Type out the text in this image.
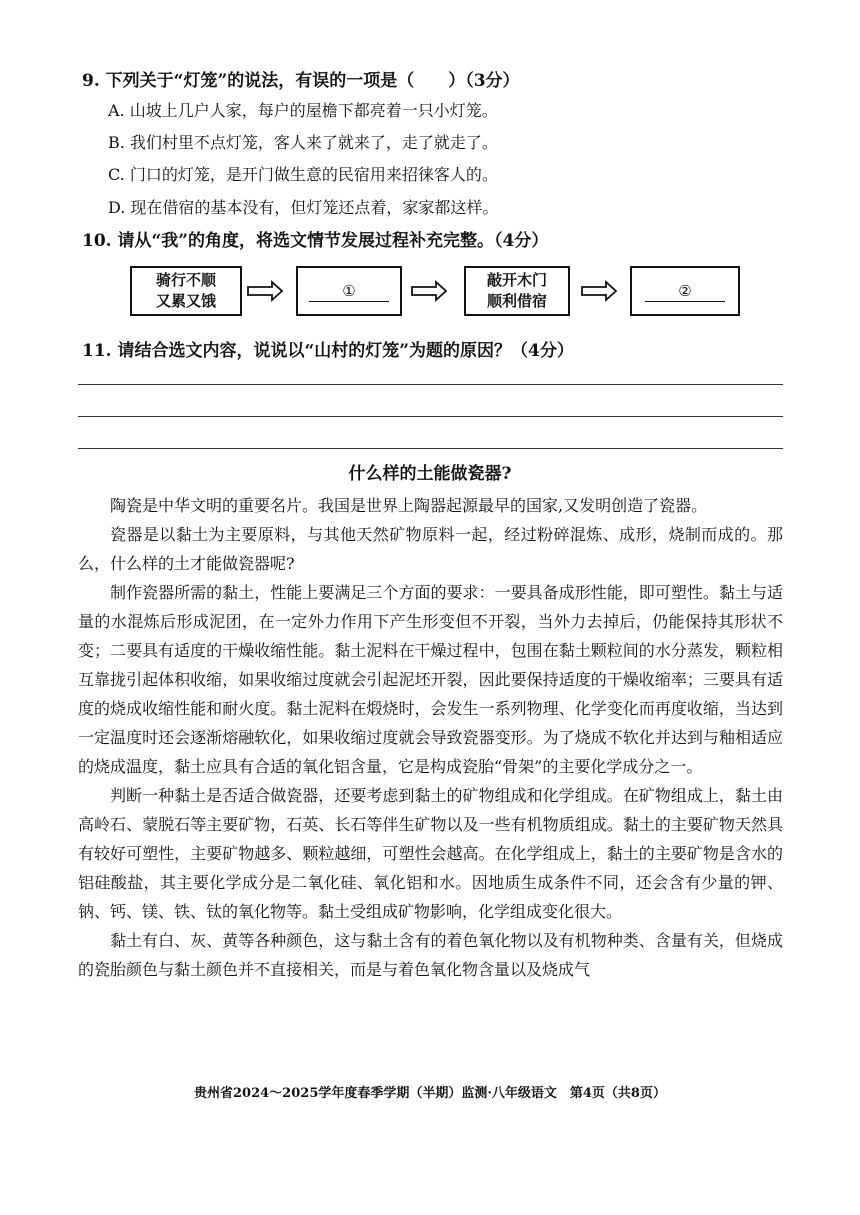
9. 下列关于“灯笼”的说法，有误的一项是（　　）（3分）
A. 山坡上几户人家，每户的屋檐下都亮着一只小灯笼。
B. 我们村里不点灯笼，客人来了就来了，走了就走了。
C. 门口的灯笼，是开门做生意的民宿用来招徕客人的。
D. 现在借宿的基本没有，但灯笼还点着，家家都这样。
10. 请从“我”的角度，将选文情节发展过程补充完整。（4分）
骑行不顺
又累又饿
①
敲开木门
顺利借宿
②
11. 请结合选文内容，说说以“山村的灯笼”为题的原因？（4分）
什么样的土能做瓷器?

陶瓷是中华文明的重要名片。我国是世界上陶器起源最早的国家,又发明创造了瓷器。

瓷器是以黏土为主要原料，与其他天然矿物原料一起，经过粉碎混炼、成形，烧制而成的。那么，什么样的土才能做瓷器呢?

制作瓷器所需的黏土，性能上要满足三个方面的要求：一要具备成形性能，即可塑性。黏土与适量的水混炼后形成泥团，在一定外力作用下产生形变但不开裂，当外力去掉后，仍能保持其形状不变；二要具有适度的干燥收缩性能。黏土泥料在干燥过程中，包围在黏土颗粒间的水分蒸发，颗粒相互靠拢引起体积收缩，如果收缩过度就会引起泥坯开裂，因此要保持适度的干燥收缩率；三要具有适度的烧成收缩性能和耐火度。黏土泥料在煅烧时，会发生一系列物理、化学变化而再度收缩，当达到一定温度时还会逐渐熔融软化，如果收缩过度就会导致瓷器变形。为了烧成不软化并达到与釉相适应的烧成温度，黏土应具有合适的氧化铝含量，它是构成瓷胎“骨架”的主要化学成分之一。

判断一种黏土是否适合做瓷器，还要考虑到黏土的矿物组成和化学组成。在矿物组成上，黏土由高岭石、蒙脱石等主要矿物，石英、长石等伴生矿物以及一些有机物质组成。黏土的主要矿物天然具有较好可塑性，主要矿物越多、颗粒越细，可塑性会越高。在化学组成上，黏土的主要矿物是含水的铝硅酸盐，其主要化学成分是二氧化硅、氧化铝和水。因地质生成条件不同，还会含有少量的钾、钠、钙、镁、铁、钛的氧化物等。黏土受组成矿物影响，化学组成变化很大。

黏土有白、灰、黄等各种颜色，这与黏土含有的着色氧化物以及有机物种类、含量有关，但烧成的瓷胎颜色与黏土颜色并不直接相关，而是与着色氧化物含量以及烧成气

贵州省2024～2025学年度春季学期（半期）监测·八年级语文　第4页（共8页）
